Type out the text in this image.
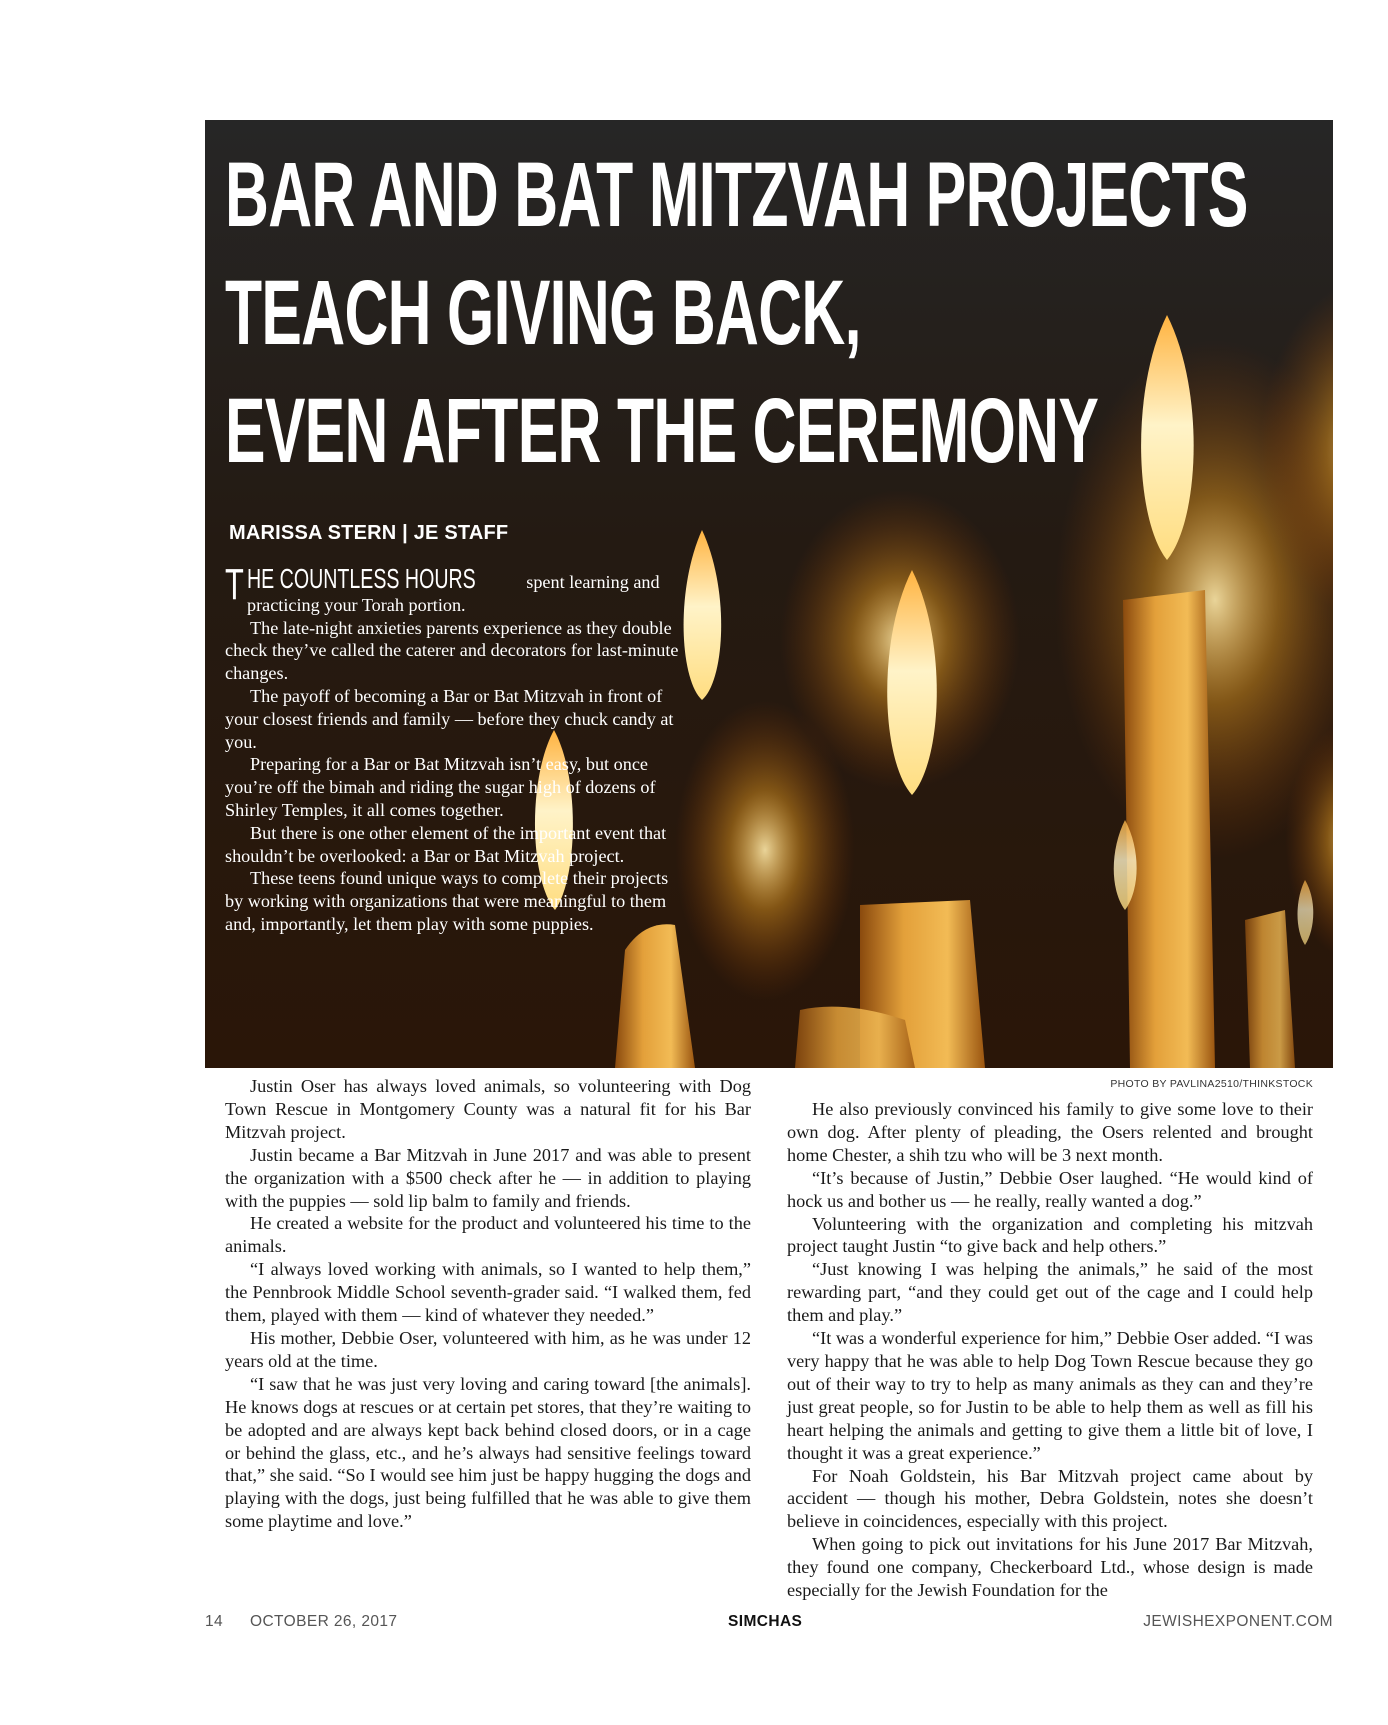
BAR AND BAT MITZVAH PROJECTS
TEACH GIVING BACK,
EVEN AFTER THE CEREMONY
MARISSA STERN | JE STAFF

T HE COUNTLESS HOURS	spent learning and practicing your Torah portion.

The late-night anxieties parents experience as they double check they’ve called the caterer and decorators for last-minute changes.

The payoff of becoming a Bar or Bat Mitzvah in front of your closest friends and family — before they chuck candy at you.

Preparing for a Bar or Bat Mitzvah isn’t easy, but once you’re off the bimah and riding the sugar high of dozens of Shirley Temples, it all comes together.

But there is one other element of the important event that shouldn’t be overlooked: a Bar or Bat Mitzvah project.

These teens found unique ways to complete their projects by working with organizations that were meaningful to them and, importantly, let them play with some puppies.

PHOTO BY PAVLINA2510/THINKSTOCK

Justin Oser has always loved animals, so volunteering with Dog Town Rescue in Montgomery County was a natural fit for his Bar Mitzvah project.

Justin became a Bar Mitzvah in June 2017 and was able to present the organization with a $500 check after he — in addition to playing with the puppies — sold lip balm to family and friends.

He created a website for the product and volunteered his time to the animals.

“I always loved working with animals, so I wanted to help them,” the Pennbrook Middle School seventh-grader said. “I walked them, fed them, played with them — kind of whatever they needed.”

His mother, Debbie Oser, volunteered with him, as he was under 12 years old at the time.

“I saw that he was just very loving and caring toward [the animals]. He knows dogs at rescues or at certain pet stores, that they’re waiting to be adopted and are always kept back behind closed doors, or in a cage or behind the glass, etc., and he’s always had sensitive feelings toward that,” she said. “So I would see him just be happy hugging the dogs and playing with the dogs, just being fulfilled that he was able to give them some playtime and love.”

He also previously convinced his family to give some love to their own dog. After plenty of pleading, the Osers relented and brought home Chester, a shih tzu who will be 3 next month.

“It’s because of Justin,” Debbie Oser laughed. “He would kind of hock us and bother us — he really, really wanted a dog.”

Volunteering with the organization and completing his mitzvah project taught Justin “to give back and help others.”

“Just knowing I was helping the animals,” he said of the most rewarding part, “and they could get out of the cage and I could help them and play.”

“It was a wonderful experience for him,” Debbie Oser added. “I was very happy that he was able to help Dog Town Rescue because they go out of their way to try to help as many animals as they can and they’re just great people, so for Justin to be able to help them as well as fill his heart helping the animals and getting to give them a little bit of love, I thought it was a great experience.”

For Noah Goldstein, his Bar Mitzvah project came about by accident — though his mother, Debra Goldstein, notes she doesn’t believe in coincidences, especially with this project.

When going to pick out invitations for his June 2017 Bar Mitzvah, they found one company, Checkerboard Ltd., whose design is made especially for the Jewish Foundation for the

14 OCTOBER 26, 2017	SIMCHAS	JEWISHEXPONENT.COM
